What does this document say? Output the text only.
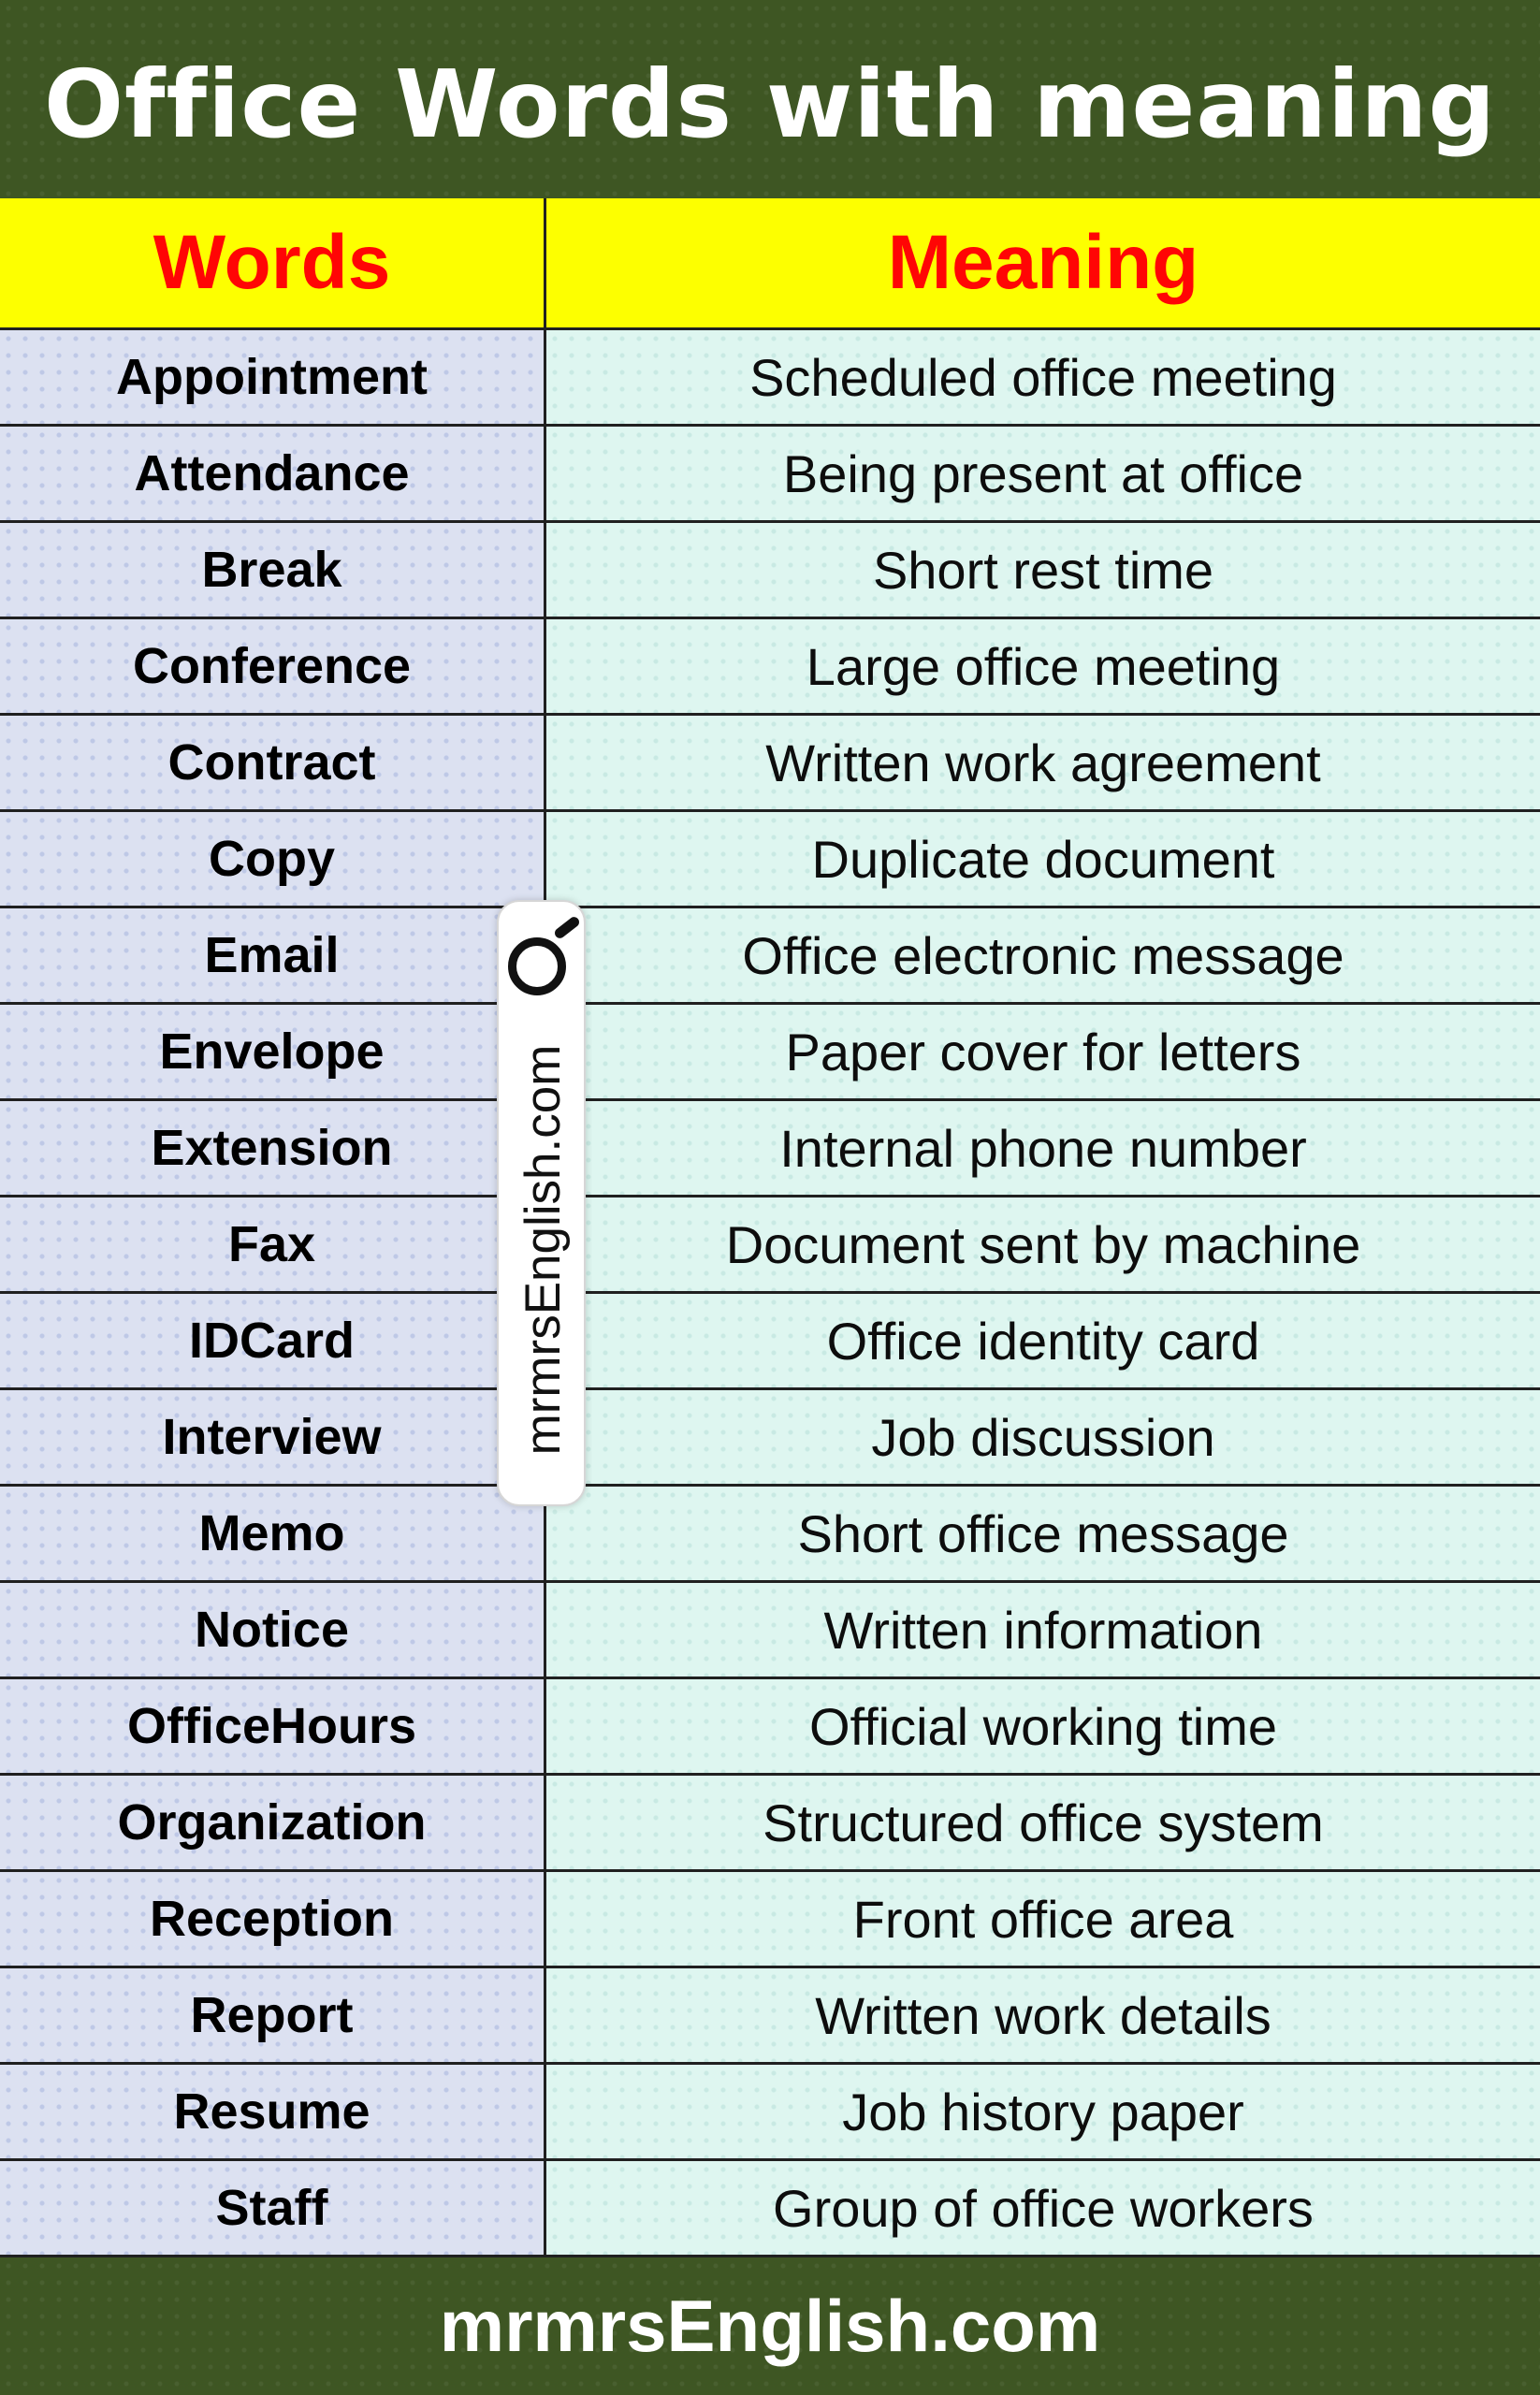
Office Words with meaning
Words	Meaning
Appointment	Scheduled office meeting
Attendance	Being present at office
Break	Short rest time
Conference	Large office meeting
Contract	Written work agreement
Copy	Duplicate document
Email	Office electronic message
Envelope	Paper cover for letters
Extension	Internal phone number
Fax	Document sent by machine
IDCard	Office identity card
Interview	Job discussion
Memo	Short office message
Notice	Written information
OfficeHours	Official working time
Organization	Structured office system
Reception	Front office area
Report	Written work details
Resume	Job history paper
Staff	Group of office workers
mrmrsEnglish.com
mrmrsEnglish.com
